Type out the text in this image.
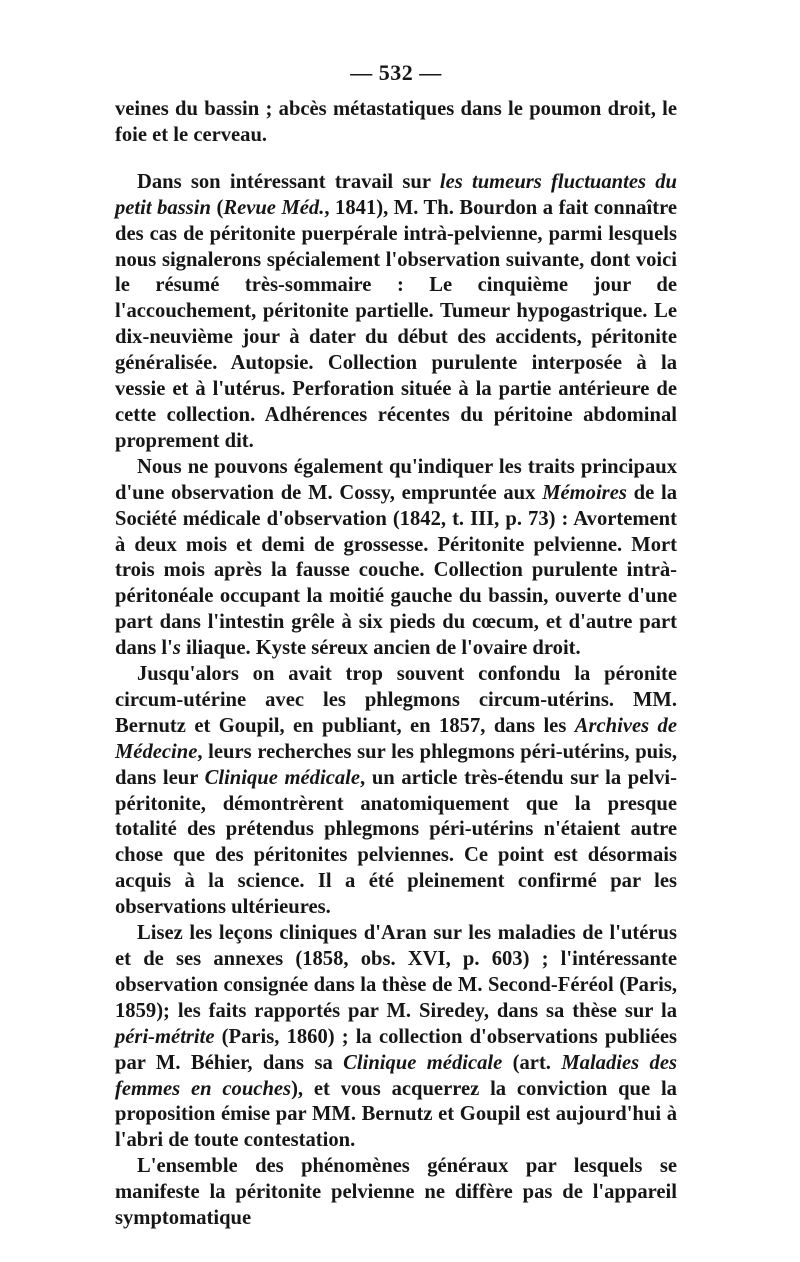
— 532 —

veines du bassin ; abcès métastatiques dans le poumon droit, le foie et le cerveau.

Dans son intéressant travail sur les tumeurs fluctuantes du petit bassin (Revue Méd., 1841), M. Th. Bourdon a fait connaître des cas de péritonite puerpérale intrà-pelvienne, parmi lesquels nous signalerons spécialement l'observation suivante, dont voici le résumé très-sommaire : Le cinquième jour de l'accouchement, péritonite partielle. Tumeur hypogastrique. Le dix-neuvième jour à dater du début des accidents, péritonite généralisée. Autopsie. Collection purulente interposée à la vessie et à l'utérus. Perforation située à la partie antérieure de cette collection. Adhérences récentes du péritoine abdominal proprement dit.

Nous ne pouvons également qu'indiquer les traits principaux d'une observation de M. Cossy, empruntée aux Mémoires de la Société médicale d'observation (1842, t. III, p. 73) : Avortement à deux mois et demi de grossesse. Péritonite pelvienne. Mort trois mois après la fausse couche. Collection purulente intrà-péritonéale occupant la moitié gauche du bassin, ouverte d'une part dans l'intestin grêle à six pieds du cœcum, et d'autre part dans l's iliaque. Kyste séreux ancien de l'ovaire droit.

Jusqu'alors on avait trop souvent confondu la péronite circum-utérine avec les phlegmons circum-utérins. MM. Bernutz et Goupil, en publiant, en 1857, dans les Archives de Médecine, leurs recherches sur les phlegmons péri-utérins, puis, dans leur Clinique médicale, un article très-étendu sur la pelvi-péritonite, démontrèrent anatomiquement que la presque totalité des prétendus phlegmons péri-utérins n'étaient autre chose que des péritonites pelviennes. Ce point est désormais acquis à la science. Il a été pleinement confirmé par les observations ultérieures.

Lisez les leçons cliniques d'Aran sur les maladies de l'utérus et de ses annexes (1858, obs. XVI, p. 603) ; l'intéressante observation consignée dans la thèse de M. Second-Féréol (Paris, 1859); les faits rapportés par M. Siredey, dans sa thèse sur la péri-métrite (Paris, 1860) ; la collection d'observations publiées par M. Béhier, dans sa Clinique médicale (art. Maladies des femmes en couches), et vous acquerrez la conviction que la proposition émise par MM. Bernutz et Goupil est aujourd'hui à l'abri de toute contestation.

L'ensemble des phénomènes généraux par lesquels se manifeste la péritonite pelvienne ne diffère pas de l'appareil symptomatique
